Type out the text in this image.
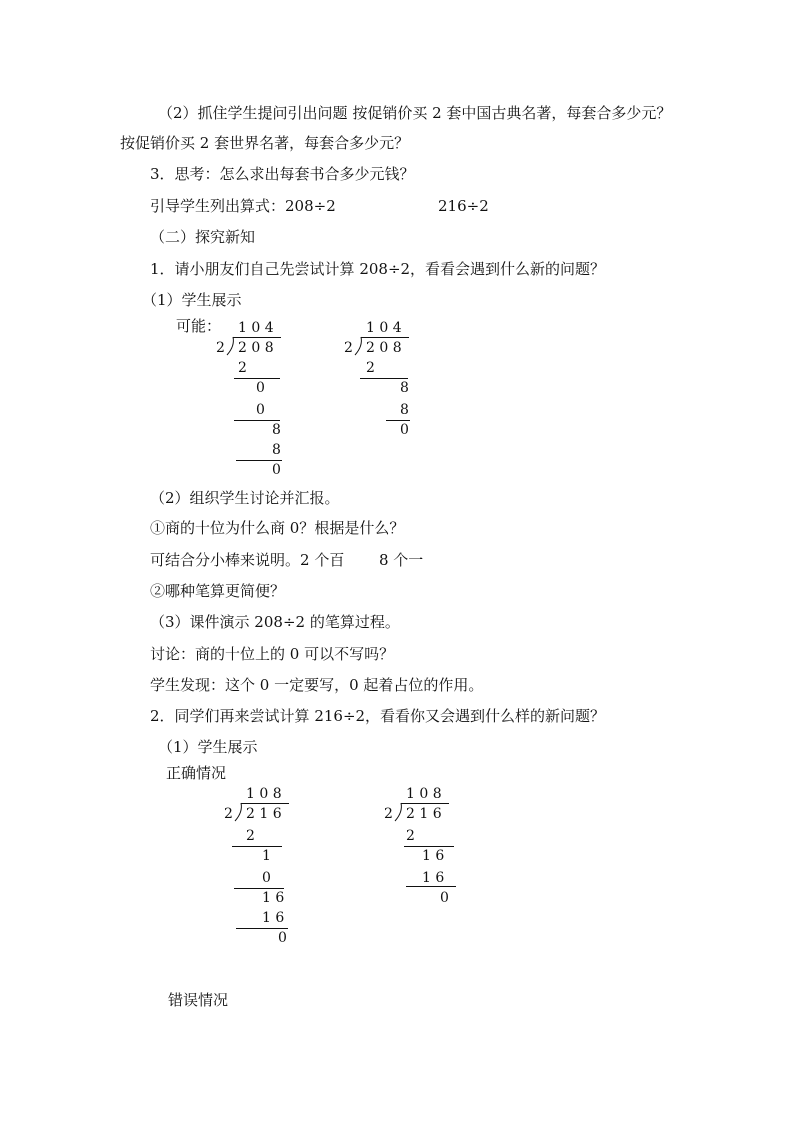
（2）抓住学生提问引出问题 按促销价买 2 套中国古典名著，每套合多少元？
按促销价买 2 套世界名著，每套合多少元？
3．思考：怎么求出每套书合多少元钱？
引导学生列出算式：208÷2	216÷2
（二）探究新知
1．请小朋友们自己先尝试计算 208÷2，看看会遇到什么新的问题？
（1）学生展示
可能： 1 0 4
2 2 0 8
2
0
0
8
8
0
1 0 4
2 2 0 8
2
8
8
0
（2）组织学生讨论并汇报。
①商的十位为什么商 0？根据是什么？
可结合分小棒来说明。2 个百 8 个一
②哪种笔算更简便？
（3）课件演示 208÷2 的笔算过程。
讨论：商的十位上的 0 可以不写吗？
学生发现：这个 0 一定要写，0 起着占位的作用。
2．同学们再来尝试计算 216÷2，看看你又会遇到什么样的新问题？
（1）学生展示
正确情况
1 0 8
2 2 1 6
2
1
0
1 6
1 6
0
1 0 8
2 2 1 6
2
1 6
1 6
0
错误情况
